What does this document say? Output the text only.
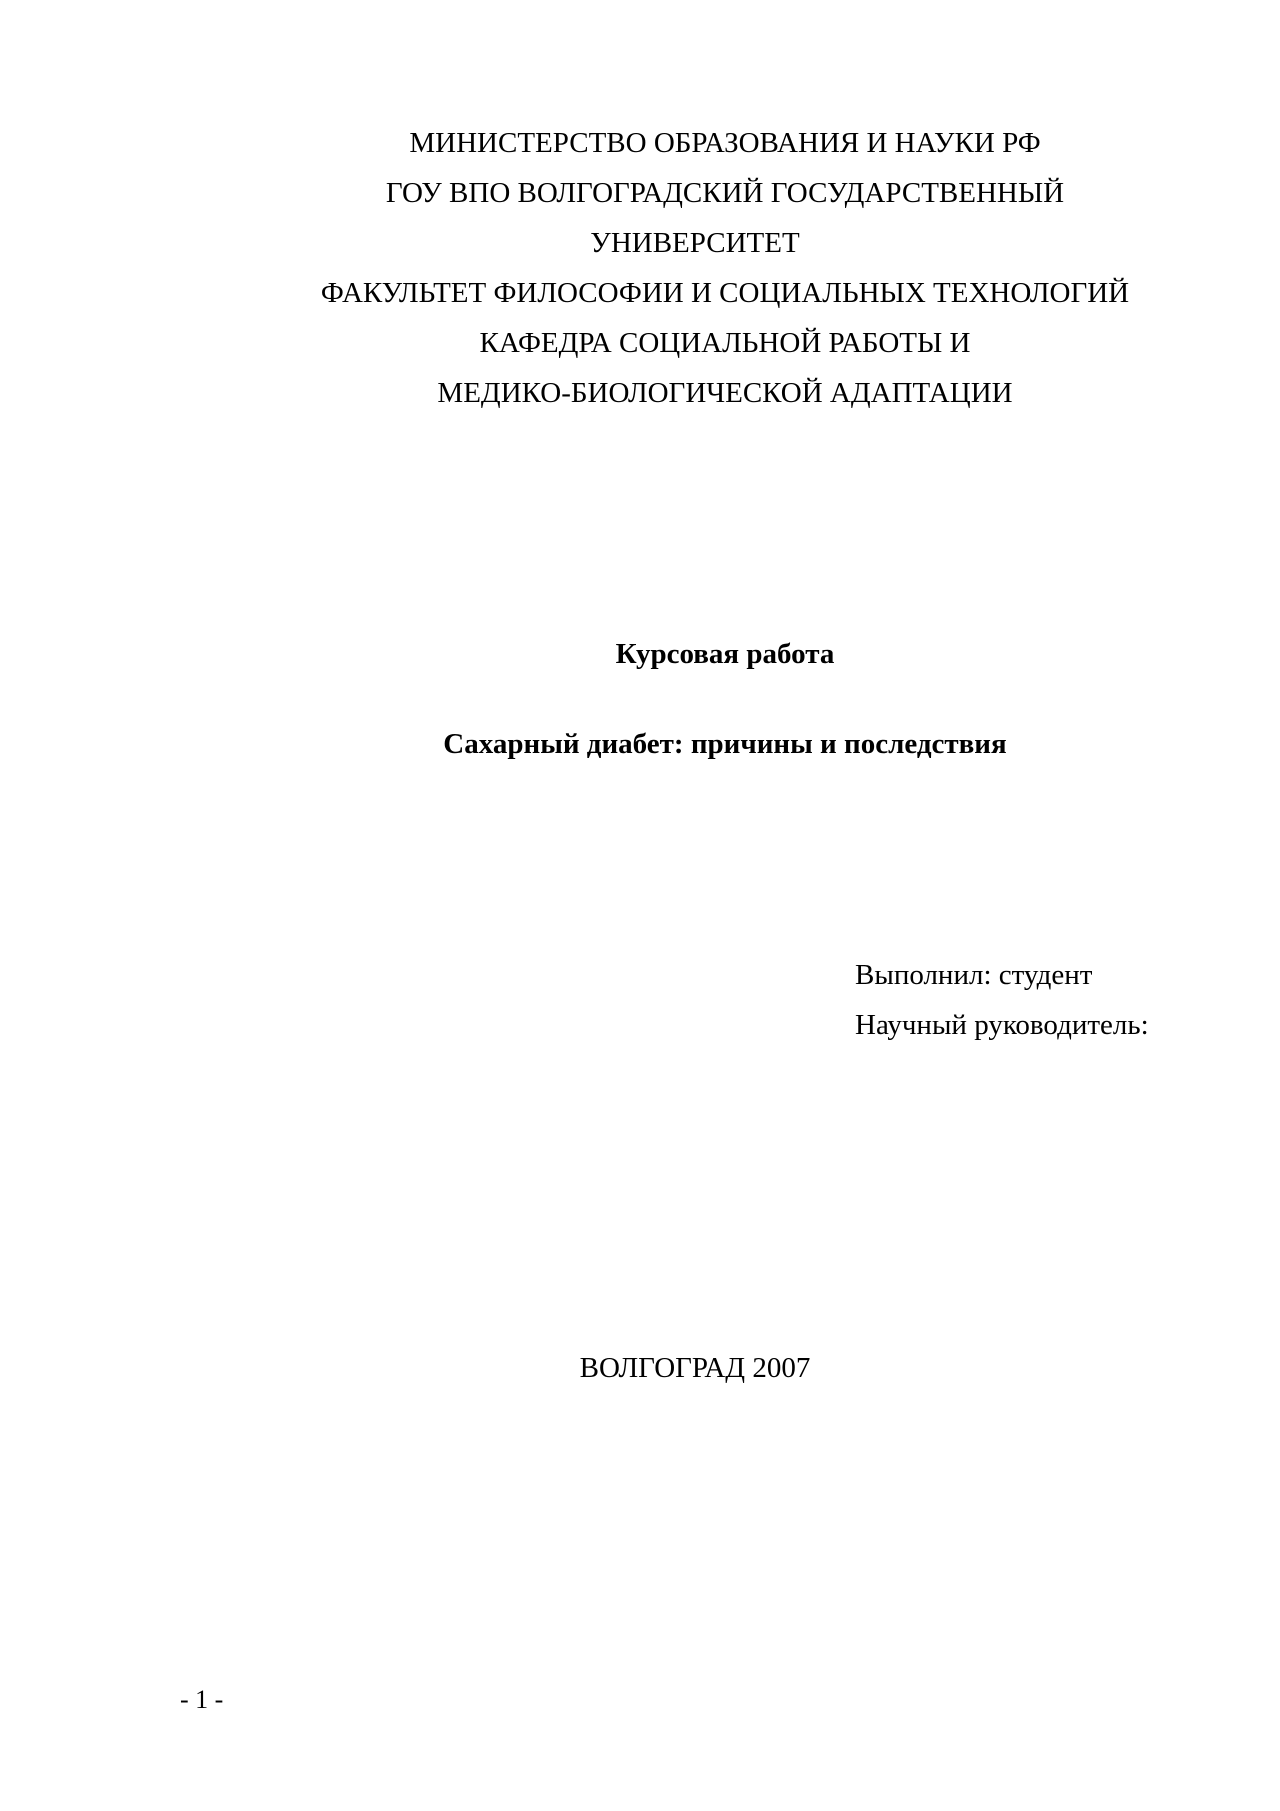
МИНИСТЕРСТВО ОБРАЗОВАНИЯ И НАУКИ РФ
ГОУ ВПО ВОЛГОГРАДСКИЙ ГОСУДАРСТВЕННЫЙ
УНИВЕРСИТЕТ
ФАКУЛЬТЕТ ФИЛОСОФИИ И СОЦИАЛЬНЫХ ТЕХНОЛОГИЙ
КАФЕДРА СОЦИАЛЬНОЙ РАБОТЫ И
МЕДИКО-БИОЛОГИЧЕСКОЙ АДАПТАЦИИ
Курсовая работа
Сахарный диабет: причины и последствия
Выполнил: студент
Научный руководитель:
ВОЛГОГРАД 2007
- 1 -
